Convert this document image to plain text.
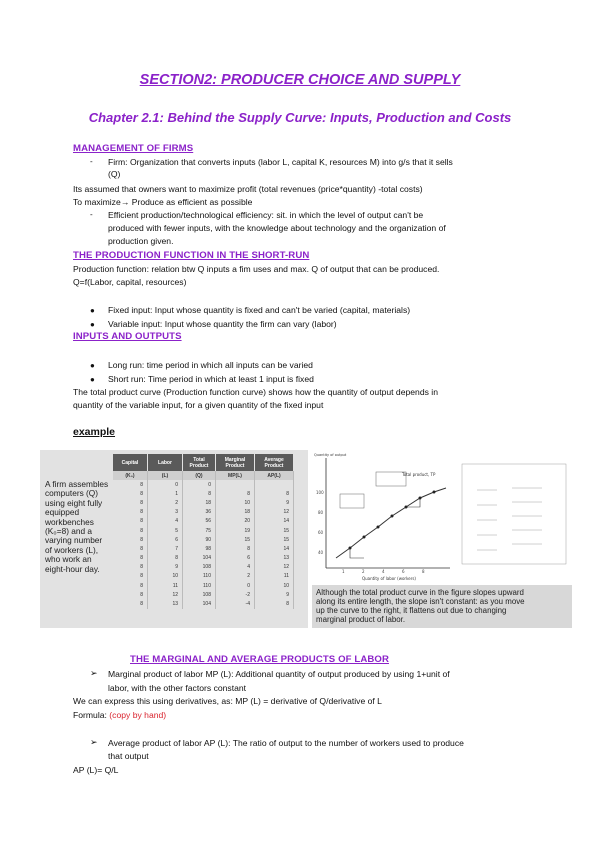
SECTION2: PRODUCER CHOICE AND SUPPLY
Chapter 2.1: Behind the Supply Curve: Inputs, Production and Costs
MANAGEMENT OF FIRMS
- Firm: Organization that converts inputs (labor L, capital K, resources M) into g/s that it sells
(Q)
Its assumed that owners want to maximize profit (total revenues (price*quantity) -total costs)
To maximize→ Produce as efficient as possible
- Efficient production/technological efficiency: sit. in which the level of output can't be
produced with fewer inputs, with the knowledge about technology and the organization of
production given.
THE PRODUCTION FUNCTION IN THE SHORT-RUN
Production function: relation btw Q inputs a fim uses and max. Q of output that can be produced.
Q=f(Labor, capital, resources)
● Fixed input: Input whose quantity is fixed and can't be varied (capital, materials)
● Variable input: Input whose quantity the firm can vary (labor)
INPUTS AND OUTPUTS
● Long run: time period in which all inputs can be varied
● Short run: Time period in which at least 1 input is fixed
The total product curve (Production function curve) shows how the quantity of output depends in
quantity of the variable input, for a given quantity of the fixed input
example
A firm assembles computers (Q) using eight fully equipped workbenches (K₀=8) and a varying number of workers (L), who work an eight-hour day.
Capital	Labor	Total Product	Marginal Product	Average Product
(K₀)	(L)	(Q)	MP(L)	AP(L)
8	0	0		
8	1	8	8	8
8	2	18	10	9
8	3	36	18	12
8	4	56	20	14
8	5	75	19	15
8	6	90	15	15
8	7	98	8	14
8	8	104	6	13
8	9	108	4	12
8	10	110	2	11
8	11	110	0	10
8	12	108	-2	9
8	13	104	-4	8
100
80
60
40
1	2	4	6	8
Total product, TP
Quantity of output
Quantity of labor (workers)
Although the total product curve in the figure slopes upward
along its entire length, the slope isn't constant: as you move
up the curve to the right, it flattens out due to changing
marginal product of labor.
THE MARGINAL AND AVERAGE PRODUCTS OF LABOR
➢ Marginal product of labor MP (L): Additional quantity of output produced by using 1+unit of
labor, with the other factors constant
We can express this using derivatives, as: MP (L) = derivative of Q/derivative of L
Formula: (copy by hand)
➢ Average product of labor AP (L): The ratio of output to the number of workers used to produce
that output
AP (L)= Q/L
